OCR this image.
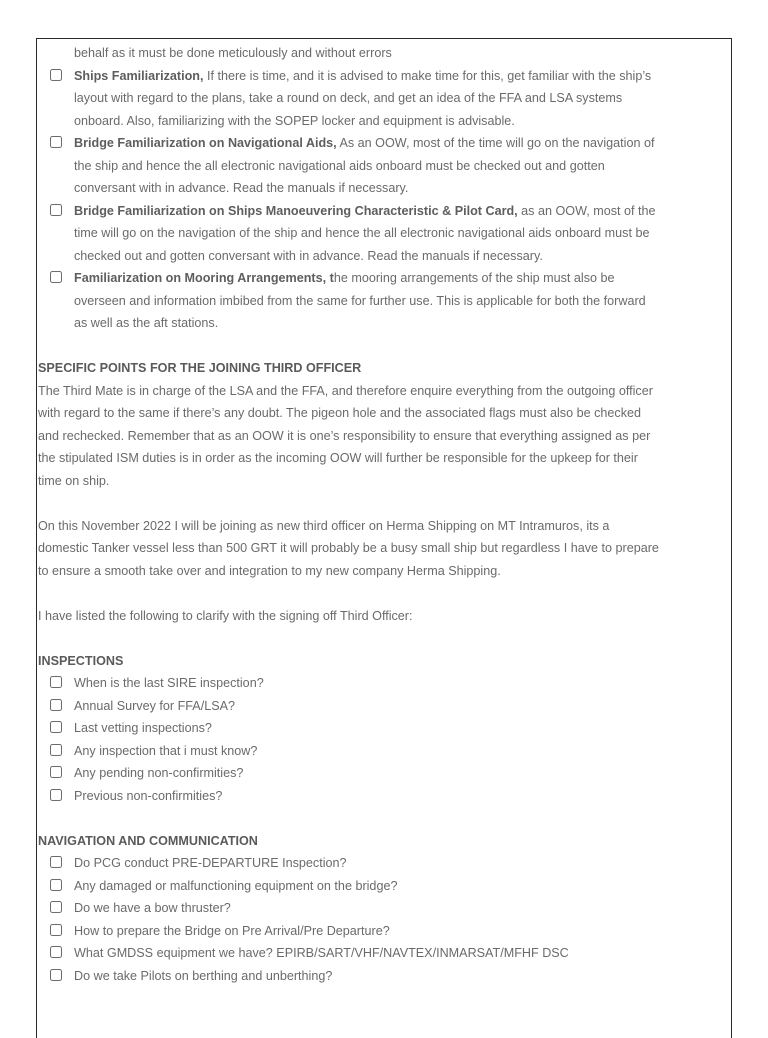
behalf as it must be done meticulously and without errors
Ships Familiarization, If there is time, and it is advised to make time for this, get familiar with the ship’s
layout with regard to the plans, take a round on deck, and get an idea of the FFA and LSA systems
onboard. Also, familiarizing with the SOPEP locker and equipment is advisable.
Bridge Familiarization on Navigational Aids, As an OOW, most of the time will go on the navigation of
the ship and hence the all electronic navigational aids onboard must be checked out and gotten
conversant with in advance. Read the manuals if necessary.
Bridge Familiarization on Ships Manoeuvering Characteristic & Pilot Card, as an OOW, most of the
time will go on the navigation of the ship and hence the all electronic navigational aids onboard must be
checked out and gotten conversant with in advance. Read the manuals if necessary.
Familiarization on Mooring Arrangements, the mooring arrangements of the ship must also be
overseen and information imbibed from the same for further use. This is applicable for both the forward
as well as the aft stations.
SPECIFIC POINTS FOR THE JOINING THIRD OFFICER
The Third Mate is in charge of the LSA and the FFA, and therefore enquire everything from the outgoing officer
with regard to the same if there’s any doubt. The pigeon hole and the associated flags must also be checked
and rechecked. Remember that as an OOW it is one’s responsibility to ensure that everything assigned as per
the stipulated ISM duties is in order as the incoming OOW will further be responsible for the upkeep for their
time on ship.
On this November 2022 I will be joining as new third officer on Herma Shipping on MT Intramuros, its a
domestic Tanker vessel less than 500 GRT it will probably be a busy small ship but regardless I have to prepare
to ensure a smooth take over and integration to my new company Herma Shipping.
I have listed the following to clarify with the signing off Third Officer:
INSPECTIONS
When is the last SIRE inspection?
Annual Survey for FFA/LSA?
Last vetting inspections?
Any inspection that i must know?
Any pending non-confirmities?
Previous non-confirmities?
NAVIGATION AND COMMUNICATION
Do PCG conduct PRE-DEPARTURE Inspection?
Any damaged or malfunctioning equipment on the bridge?
Do we have a bow thruster?
How to prepare the Bridge on Pre Arrival/Pre Departure?
What GMDSS equipment we have? EPIRB/SART/VHF/NAVTEX/INMARSAT/MFHF DSC
Do we take Pilots on berthing and unberthing?
